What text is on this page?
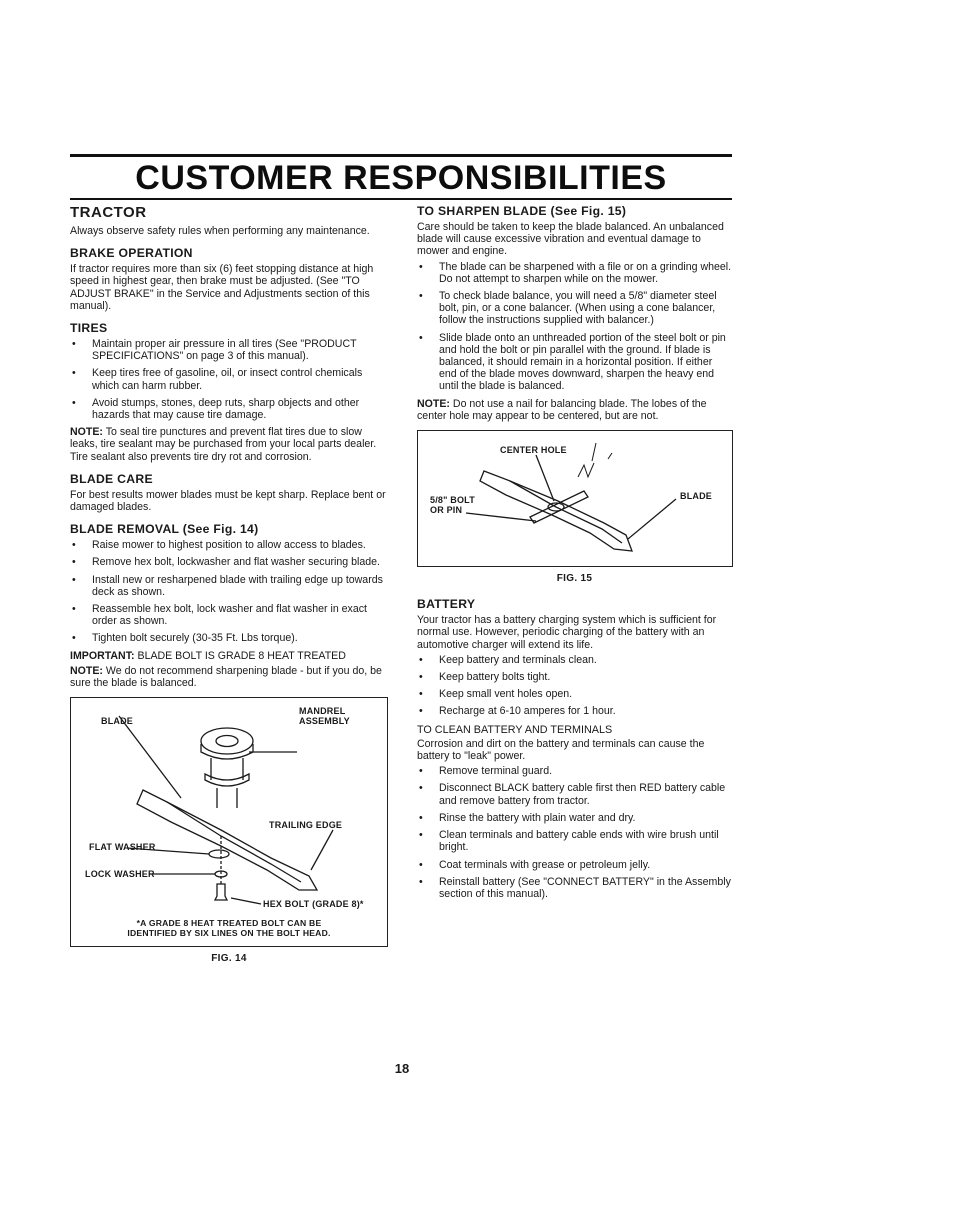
CUSTOMER RESPONSIBILITIES
TRACTOR

Always observe safety rules when performing any maintenance.

BRAKE OPERATION

If tractor requires more than six (6) feet stopping distance at high speed in highest gear, then brake must be adjusted. (See "TO ADJUST BRAKE" in the Service and Adjustments section of this manual).

TIRES
• Maintain proper air pressure in all tires (See "PRODUCT SPECIFICATIONS" on page 3 of this manual).
• Keep tires free of gasoline, oil, or insect control chemicals which can harm rubber.
• Avoid stumps, stones, deep ruts, sharp objects and other hazards that may cause tire damage.

NOTE: To seal tire punctures and prevent flat tires due to slow leaks, tire sealant may be purchased from your local parts dealer. Tire sealant also prevents tire dry rot and corrosion.

BLADE CARE

For best results mower blades must be kept sharp. Replace bent or damaged blades.

BLADE REMOVAL (See Fig. 14)
• Raise mower to highest position to allow access to blades.
• Remove hex bolt, lockwasher and flat washer securing blade.
• Install new or resharpened blade with trailing edge up towards deck as shown.
• Reassemble hex bolt, lock washer and flat washer in exact order as shown.
• Tighten bolt securely (30-35 Ft. Lbs torque).

IMPORTANT: BLADE BOLT IS GRADE 8 HEAT TREATED

NOTE: We do not recommend sharpening blade - but if you do, be sure the blade is balanced.

BLADE
MANDREL ASSEMBLY
TRAILING EDGE
FLAT WASHER
LOCK WASHER
HEX BOLT (GRADE 8)*
*A GRADE 8 HEAT TREATED BOLT CAN BE IDENTIFIED BY SIX LINES ON THE BOLT HEAD.
FIG. 14
TO SHARPEN BLADE (See Fig. 15)

Care should be taken to keep the blade balanced. An unbalanced blade will cause excessive vibration and eventual damage to mower and engine.

• The blade can be sharpened with a file or on a grinding wheel. Do not attempt to sharpen while on the mower.
• To check blade balance, you will need a 5/8" diameter steel bolt, pin, or a cone balancer. (When using a cone balancer, follow the instructions supplied with balancer.)
• Slide blade onto an unthreaded portion of the steel bolt or pin and hold the bolt or pin parallel with the ground. If blade is balanced, it should remain in a horizontal position. If either end of the blade moves downward, sharpen the heavy end until the blade is balanced.

NOTE: Do not use a nail for balancing blade. The lobes of the center hole may appear to be centered, but are not.

CENTER HOLE
5/8" BOLT OR PIN
BLADE
FIG. 15
BATTERY

Your tractor has a battery charging system which is sufficient for normal use. However, periodic charging of the battery with an automotive charger will extend its life.

• Keep battery and terminals clean.
• Keep battery bolts tight.
• Keep small vent holes open.
• Recharge at 6-10 amperes for 1 hour.

TO CLEAN BATTERY AND TERMINALS

Corrosion and dirt on the battery and terminals can cause the battery to "leak" power.

• Remove terminal guard.
• Disconnect BLACK battery cable first then RED battery cable and remove battery from tractor.
• Rinse the battery with plain water and dry.
• Clean terminals and battery cable ends with wire brush until bright.
• Coat terminals with grease or petroleum jelly.
• Reinstall battery (See "CONNECT BATTERY" in the Assembly section of this manual).
18
